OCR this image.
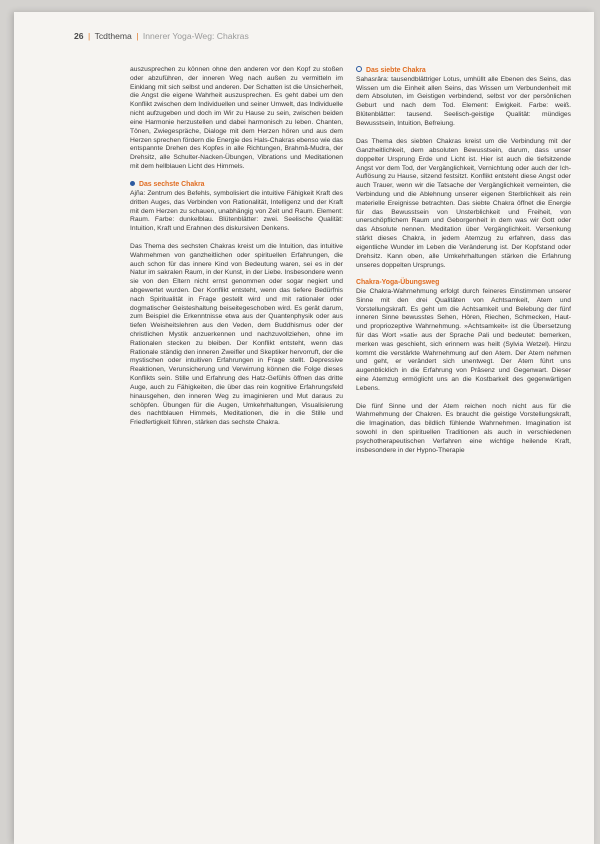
26 | Tcdthema | Innerer Yoga-Weg: Chakras

auszusprechen zu können ohne den anderen vor den Kopf zu stoßen oder abzuführen, der inneren Weg nach außen zu vermitteln im Einklang mit sich selbst und anderen. Der Schatten ist die Unsicherheit, die Angst die eigene Wahrheit auszusprechen. Es geht dabei um den Konflikt zwischen dem Individuellen und seiner Umwelt, das Individuelle nicht aufzugeben und doch im Wir zu Hause zu sein, zwischen beiden eine Harmonie herzustellen und dabei harmonisch zu leben. Chanten, Tönen, Zwiegespräche, Dialoge mit dem Herzen hören und aus dem Herzen sprechen fördern die Energie des Hals-Chakras ebenso wie das entspannte Drehen des Kopfes in alle Richtungen, Brahmâ-Mudra, der Drehsitz, alle Schulter-Nacken-Übungen, Vibrations und Meditationen mit dem hellblauen Licht des Himmels.

Das sechste Chakra

Ajña: Zentrum des Befehls, symbolisiert die intuitive Fähigkeit Kraft des dritten Auges, das Verbinden von Rationalität, Intelligenz und der Kraft mit dem Herzen zu schauen, unabhängig von Zeit und Raum. Element: Raum. Farbe: dunkelblau. Blütenblätter: zwei. Seelische Qualität: Intuition, Kraft und Erahnen des diskursiven Denkens.

Das Thema des sechsten Chakras kreist um die Intuition, das intuitive Wahrnehmen von ganzheitlichen oder spirituellen Erfahrungen, die auch schon für das innere Kind von Bedeutung waren, sei es in der Natur im sakralen Raum, in der Kunst, in der Liebe. Insbesondere wenn sie von den Eltern nicht ernst genommen oder sogar negiert und abgewertet wurden. Der Konflikt entsteht, wenn das tiefere Bedürfnis nach Spiritualität in Frage gestellt wird und mit rationaler oder dogmatischer Geisteshaltung beiseitegeschoben wird. Es gerät darum, zum Beispiel die Erkenntnisse etwa aus der Quantenphysik oder aus tiefen Weisheitslehren aus den Veden, dem Buddhismus oder der christlichen Mystik anzuerkennen und nachzuvollziehen, ohne im Rationalen stecken zu bleiben. Der Konflikt entsteht, wenn das Rationale ständig den inneren Zweifler und Skeptiker hervorruft, der die mystischen oder intuitiven Erfahrungen in Frage stellt. Depressive Reaktionen, Verunsicherung und Verwirrung können die Folge dieses Konflikts sein. Stille und Erfahrung des Hatz-Gefühls öffnen das dritte Auge, auch zu Fähigkeiten, die über das rein kognitive Erfahrungsfeld hinausgehen, den inneren Weg zu imaginieren und Mut daraus zu schöpfen. Übungen für die Augen, Umkehrhaltungen, Visualisierung des nachtblauen Himmels, Meditationen, die in die Stille und Friedfertigkeit führen, stärken das sechste Chakra.

Das siebte Chakra

Sahasrâra: tausendblättriger Lotus, umhüllt alle Ebenen des Seins, das Wissen um die Einheit allen Seins, das Wissen um Verbundenheit mit dem Absoluten, im Geistigen verbindend, selbst vor der persönlichen Geburt und nach dem Tod. Element: Ewigkeit. Farbe: weiß. Blütenblätter: tausend. Seelisch-geistige Qualität: mündiges Bewusstsein, Intuition, Befreiung.

Das Thema des siebten Chakras kreist um die Verbindung mit der Ganzheitlichkeit, dem absoluten Bewusstsein, darum, dass unser doppelter Ursprung Erde und Licht ist. Hier ist auch die tiefsitzende Angst vor dem Tod, der Vergänglichkeit, Vernichtung oder auch der Ich-Auflösung zu Hause, sitzend festsitzt. Konflikt entsteht diese Angst oder auch Trauer, wenn wir die Tatsache der Vergänglichkeit verneinten, die Verbindung und die Ablehnung unserer eigenen Sterblichkeit als rein materielle Ereignisse betrachten. Das siebte Chakra öffnet die Energie für das Bewusstsein von Unsterblichkeit und Freiheit, von unerschöpflichem Raum und Geborgenheit in dem was wir Gott oder das Absolute nennen. Meditation über Vergänglichkeit. Versenkung stärkt dieses Chakra, in jedem Atemzug zu erfahren, dass das eigentliche Wunder im Leben die Veränderung ist. Der Kopfstand oder Drehsitz. Kann oben, alle Umkehrhaltungen stärken die Erfahrung unseres doppelten Ursprungs.

Chakra-Yoga-Übungsweg

Die Chakra-Wahrnehmung erfolgt durch feineres Einstimmen unserer Sinne mit den drei Qualitäten von Achtsamkeit, Atem und Vorstellungskraft. Es geht um die Achtsamkeit und Belebung der fünf inneren Sinne bewusstes Sehen, Hören, Riechen, Schmecken, Haut- und propriozeptive Wahrnehmung. »Achtsamkeit« ist die Übersetzung für das Wort »sati« aus der Sprache Pali und bedeutet: bemerken, merken was geschieht, sich erinnern was heilt (Sylvia Wetzel). Hinzu kommt die verstärkte Wahrnehmung auf den Atem. Der Atem nehmen und geht, er verändert sich unentwegt. Der Atem führt uns augenblicklich in die Erfahrung von Präsenz und Gegenwart. Dieser eine Atemzug ermöglicht uns an die Kostbarkeit des gegenwärtigen Lebens.

Die fünf Sinne und der Atem reichen noch nicht aus für die Wahrnehmung der Chakren. Es braucht die geistige Vorstellungskraft, die Imagination, das bildlich fühlende Wahrnehmen. Imagination ist sowohl in den spirituellen Traditionen als auch in verschiedenen psychotherapeutischen Verfahren eine wichtige heilende Kraft, insbesondere in der Hypno-Therapie
